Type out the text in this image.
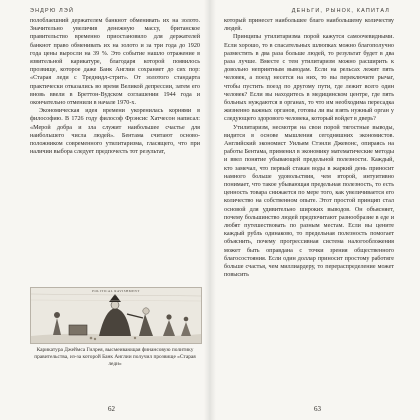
ЭНДРЮ ЛЭЙ

полоблаешний держателем банкнот обменивать их на золото. Значительно увеличив денежную массу, британское правительство временно приостановило для держателей банкнот право обменивать их на золото и за три года до 1920 года цены выросли на 39 %. Это событие нашло отражение в язвительной карикатуре, благодаря которой появилось прозвище, которое даже Банк Англии сохраняет до сих пор: «Старая леди с Треднидл-стрит». От золотого стандарта практически отказались во время Великой депрессии, затем его вновь ввели в Бреттон-Вудском соглашении 1944 года и окончательно отменили в начале 1970-х.

Экономическая идея времени укоренилась корнями в философию. В 1726 году философ Фрэнсис Хатчесон написал: «Мерой добра и зла служит наибольшее счастье для наибольшего числа людей». Бентама считают основоположником современного утилитаризма, гласящего, что при наличии выбора следует предпочесть тот результат,

POLITICAL RAVISHMENT
Карикатура Джеймса Гилрея, высмеивающая финансовую политику правительства, из-за которой Банк Англии получил прозвище «Старая леди»
62
ДЕНЬГИ, РЫНОК, КАПИТАЛ

который принесет наибольшее благо наибольшему количеству людей.

Принципы утилитаризма порой кажутся самоочевидными. Если хорошо, то в спасательных шлюпках можно благополучно разместить в два раза больше людей, то результат будет в два раза лучше. Вместе с тем утилитаризм можно расширить к довольно неприятным выводам. Если на рельсах лежит пять человек, а поезд несется на них, то вы переключите рычаг, чтобы пустить поезд по другому пути, где лежит всего один человек? Если вы находитесь в медицинском центре, где пять больных нуждаются в органах, то что им необходима пересадка жизненно важных органов, готовы ли вы взять нужный орган у следующего здорового человека, который войдет в дверь?

Утилитаризм, несмотря на свои порой тягостные выводы, видится в основе мышления сегодняшних экономистов. Английский экономист Уильям Стэнли Джевонс, опираясь на работы Бентама, применил в экономику математические методы и ввел понятие убывающей предельной полезности. Каждый, кто замечал, что первый стакан воды в жаркий день приносит намного больше удовольствия, чем второй, интуитивно понимает, что такое убывающая предельная полезность, то есть ценность товара снижается по мере того, как увеличивается его количество на собственном опыте. Этот простой принцип стал основой для удивительно широких выводов. Он объясняет, почему большинство людей предпочитают разнообразие в еде и любят путешествовать по разным местам. Если вы цените каждый рубль одинаково, то предельная полезность помогает объяснить, почему прогрессивная система налогообложения может быть оправдана с точки зрения общественного благосостояния. Если один доллар приносит простому работяге больше счастья, чем миллиардеру, то перераспределение может повысить

63
